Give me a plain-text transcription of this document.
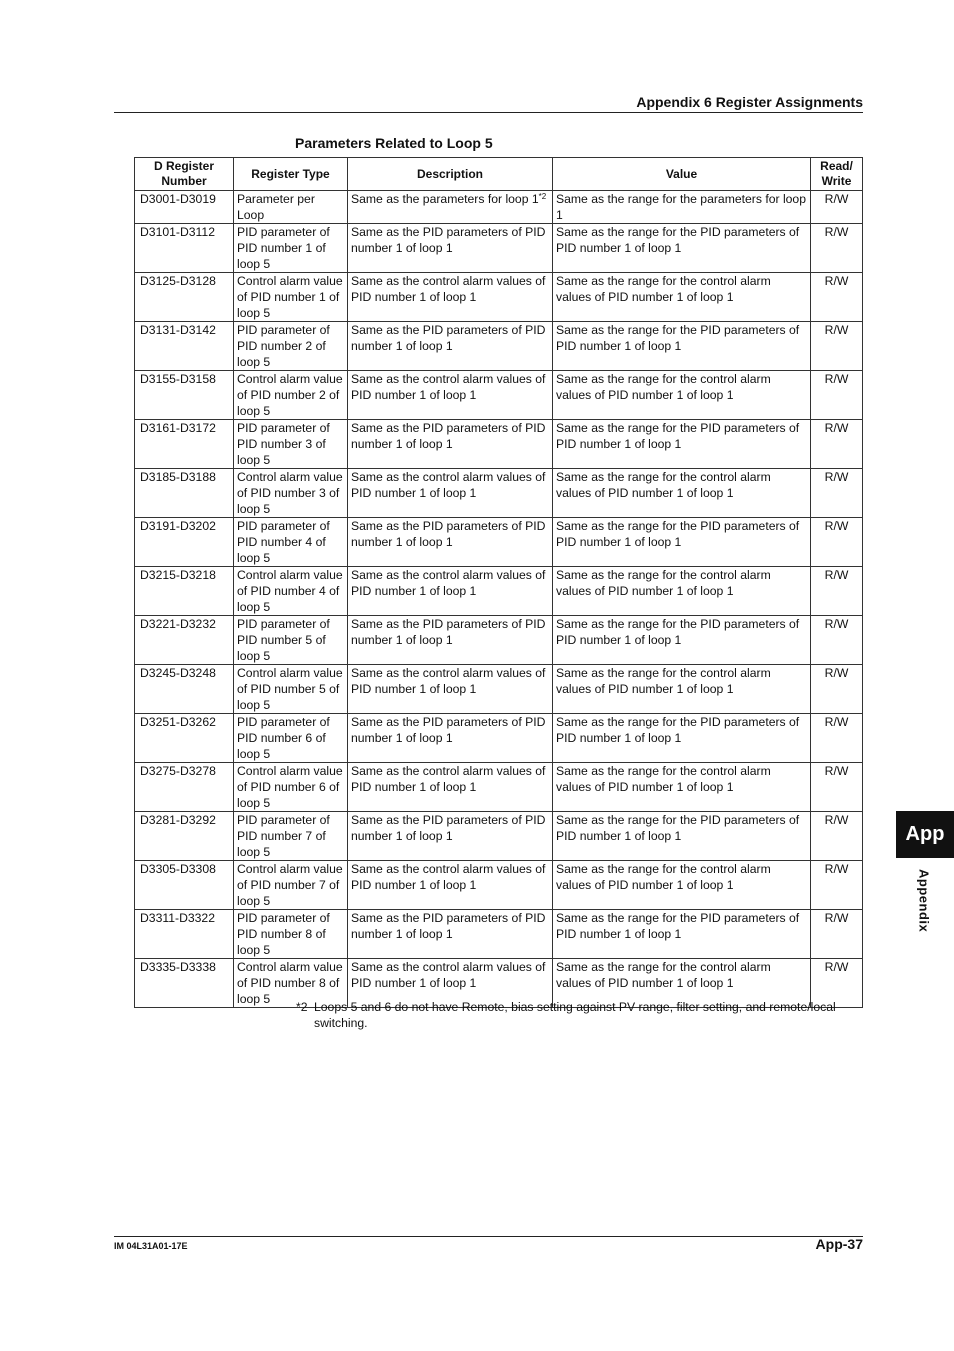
Appendix 6 Register Assignments
Parameters Related to Loop 5
D Register Number	Register Type	Description	Value	Read/ Write
D3001-D3019	Parameter per Loop	Same as the parameters for loop 1$^{*2}$	Same as the range for the parameters for loop 1	R/W
D3101-D3112	PID parameter of PID number 1 of loop 5	Same as the PID parameters of PID number 1 of loop 1	Same as the range for the PID parameters of PID number 1 of loop 1	R/W
D3125-D3128	Control alarm value of PID number 1 of loop 5	Same as the control alarm values of PID number 1 of loop 1	Same as the range for the control alarm values of PID number 1 of loop 1	R/W
D3131-D3142	PID parameter of PID number 2 of loop 5	Same as the PID parameters of PID number 1 of loop 1	Same as the range for the PID parameters of PID number 1 of loop 1	R/W
D3155-D3158	Control alarm value of PID number 2 of loop 5	Same as the control alarm values of PID number 1 of loop 1	Same as the range for the control alarm values of PID number 1 of loop 1	R/W
D3161-D3172	PID parameter of PID number 3 of loop 5	Same as the PID parameters of PID number 1 of loop 1	Same as the range for the PID parameters of PID number 1 of loop 1	R/W
D3185-D3188	Control alarm value of PID number 3 of loop 5	Same as the control alarm values of PID number 1 of loop 1	Same as the range for the control alarm values of PID number 1 of loop 1	R/W
D3191-D3202	PID parameter of PID number 4 of loop 5	Same as the PID parameters of PID number 1 of loop 1	Same as the range for the PID parameters of PID number 1 of loop 1	R/W
D3215-D3218	Control alarm value of PID number 4 of loop 5	Same as the control alarm values of PID number 1 of loop 1	Same as the range for the control alarm values of PID number 1 of loop 1	R/W
D3221-D3232	PID parameter of PID number 5 of loop 5	Same as the PID parameters of PID number 1 of loop 1	Same as the range for the PID parameters of PID number 1 of loop 1	R/W
D3245-D3248	Control alarm value of PID number 5 of loop 5	Same as the control alarm values of PID number 1 of loop 1	Same as the range for the control alarm values of PID number 1 of loop 1	R/W
D3251-D3262	PID parameter of PID number 6 of loop 5	Same as the PID parameters of PID number 1 of loop 1	Same as the range for the PID parameters of PID number 1 of loop 1	R/W
D3275-D3278	Control alarm value of PID number 6 of loop 5	Same as the control alarm values of PID number 1 of loop 1	Same as the range for the control alarm values of PID number 1 of loop 1	R/W
D3281-D3292	PID parameter of PID number 7 of loop 5	Same as the PID parameters of PID number 1 of loop 1	Same as the range for the PID parameters of PID number 1 of loop 1	R/W
D3305-D3308	Control alarm value of PID number 7 of loop 5	Same as the control alarm values of PID number 1 of loop 1	Same as the range for the control alarm values of PID number 1 of loop 1	R/W
D3311-D3322	PID parameter of PID number 8 of loop 5	Same as the PID parameters of PID number 1 of loop 1	Same as the range for the PID parameters of PID number 1 of loop 1	R/W
D3335-D3338	Control alarm value of PID number 8 of loop 5	Same as the control alarm values of PID number 1 of loop 1	Same as the range for the control alarm values of PID number 1 of loop 1	R/W
*2 Loops 5 and 6 do not have Remote, bias setting against PV range, filter setting, and remote/local switching.
App
Appendix
IM 04L31A01-17E	App-37
